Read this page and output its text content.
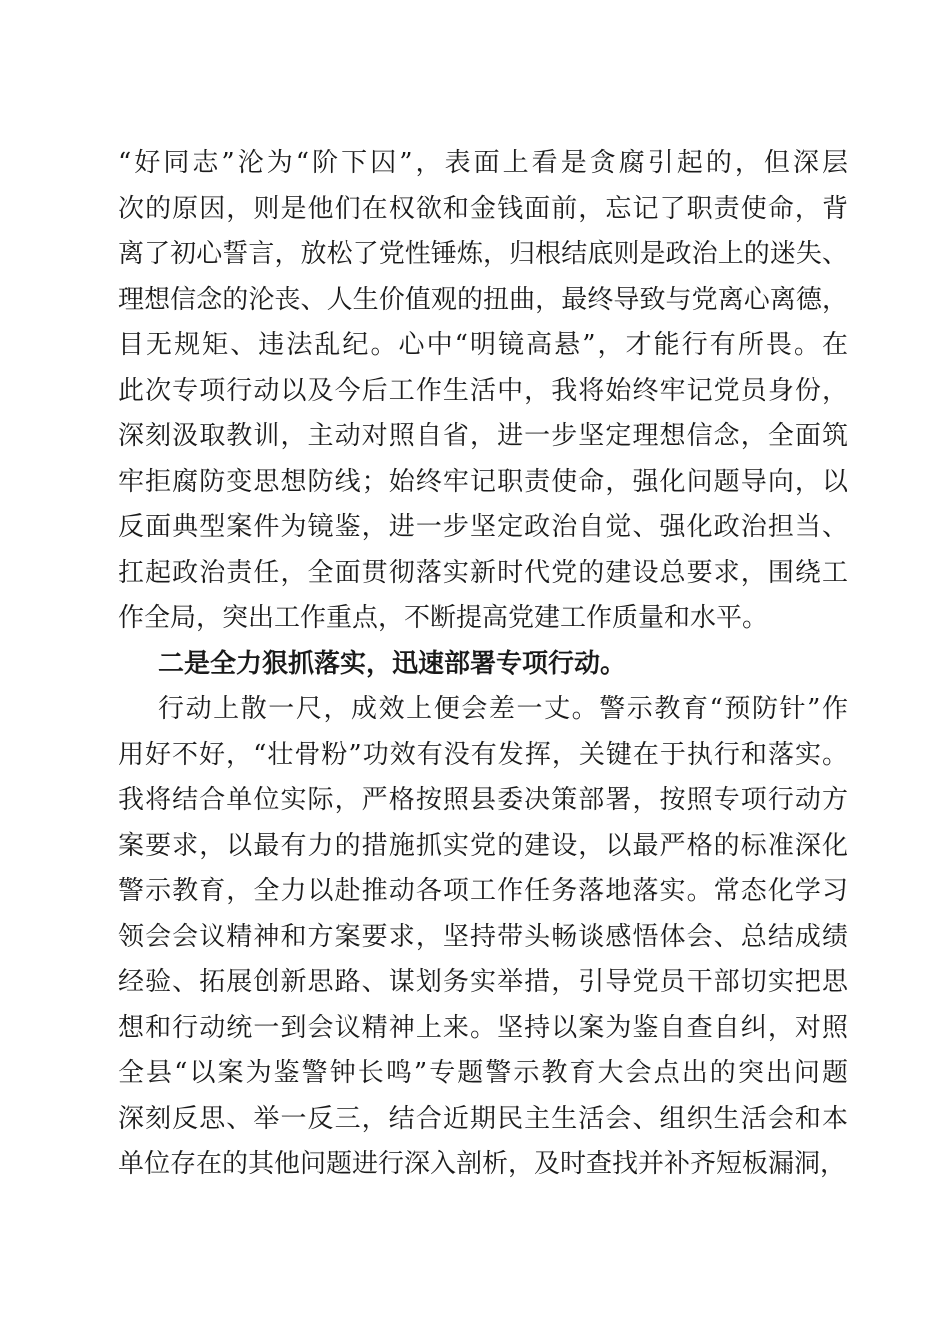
“好同志”沦为“阶下囚”，表面上看是贪腐引起的，但深层
次的原因，则是他们在权欲和金钱面前，忘记了职责使命，背
离了初心誓言，放松了党性锤炼，归根结底则是政治上的迷失、
理想信念的沦丧、人生价值观的扭曲，最终导致与党离心离德，
目无规矩、违法乱纪。心中“明镜高悬”，才能行有所畏。在
此次专项行动以及今后工作生活中，我将始终牢记党员身份，
深刻汲取教训，主动对照自省，进一步坚定理想信念，全面筑
牢拒腐防变思想防线；始终牢记职责使命，强化问题导向，以
反面典型案件为镜鉴，进一步坚定政治自觉、强化政治担当、
扛起政治责任，全面贯彻落实新时代党的建设总要求，围绕工
作全局，突出工作重点，不断提高党建工作质量和水平。
二是全力狠抓落实，迅速部署专项行动。
行动上散一尺，成效上便会差一丈。警示教育“预防针”作
用好不好，“壮骨粉”功效有没有发挥，关键在于执行和落实。
我将结合单位实际，严格按照县委决策部署，按照专项行动方
案要求，以最有力的措施抓实党的建设，以最严格的标准深化
警示教育，全力以赴推动各项工作任务落地落实。常态化学习
领会会议精神和方案要求，坚持带头畅谈感悟体会、总结成绩
经验、拓展创新思路、谋划务实举措，引导党员干部切实把思
想和行动统一到会议精神上来。坚持以案为鉴自查自纠，对照
全县“以案为鉴警钟长鸣”专题警示教育大会点出的突出问题
深刻反思、举一反三，结合近期民主生活会、组织生活会和本
单位存在的其他问题进行深入剖析，及时查找并补齐短板漏洞，
